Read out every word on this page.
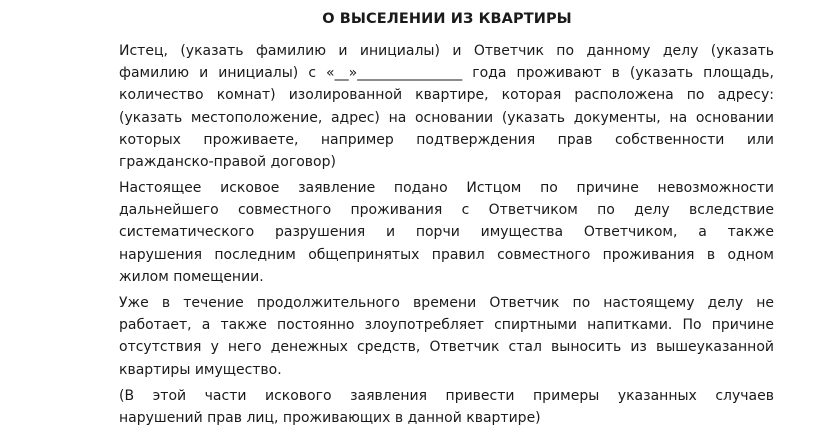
О ВЫСЕЛЕНИИ ИЗ КВАРТИРЫ
Истец, (указать фамилию и инициалы) и Ответчик по данному делу (указать
фамилию и инициалы) с «__»_______________ года проживают в (указать площадь,
количество комнат) изолированной квартире, которая расположена по адресу:
(указать местоположение, адрес) на основании (указать документы, на основании
которых проживаете, например подтверждения прав собственности или
гражданско-правой договор)
Настоящее исковое заявление подано Истцом по причине невозможности
дальнейшего совместного проживания с Ответчиком по делу вследствие
систематического разрушения и порчи имущества Ответчиком, а также
нарушения последним общепринятых правил совместного проживания в одном
жилом помещении.
Уже в течение продолжительного времени Ответчик по настоящему делу не
работает, а также постоянно злоупотребляет спиртными напитками. По причине
отсутствия у него денежных средств, Ответчик стал выносить из вышеуказанной
квартиры имущество.
(В этой части искового заявления привести примеры указанных случаев
нарушений прав лиц, проживающих в данной квартире)
